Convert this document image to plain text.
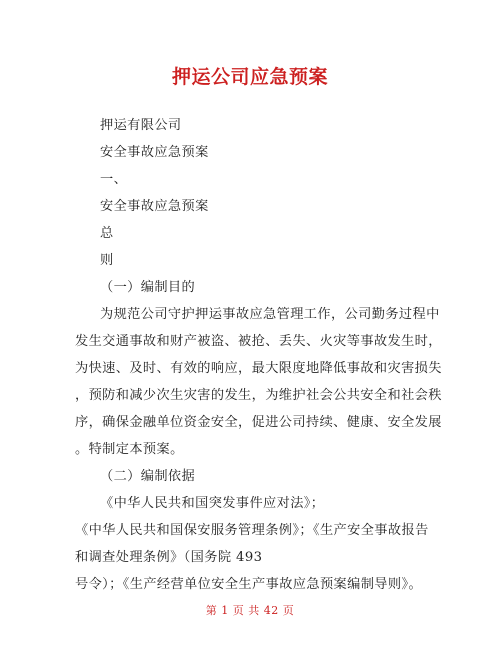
押运公司应急预案
押运有限公司
安全事故应急预案
一、
安全事故应急预案
总
则
（一）编制目的
为规范公司守护押运事故应急管理工作，公司勤务过程中
发生交通事故和财产被盗、被抢、丢失、火灾等事故发生时，
为快速、及时、有效的响应，最大限度地降低事故和灾害损失
，预防和减少次生灾害的发生，为维护社会公共安全和社会秩
序，确保金融单位资金安全，促进公司持续、健康、安全发展
。特制定本预案。
（二）编制依据
《中华人民共和国突发事件应对法》；
《中华人民共和国保安服务管理条例》；《生产安全事故报告
和调查处理条例》（国务院 493
号令）；《生产经营单位安全生产事故应急预案编制导则》。
第 1 页 共 42 页
